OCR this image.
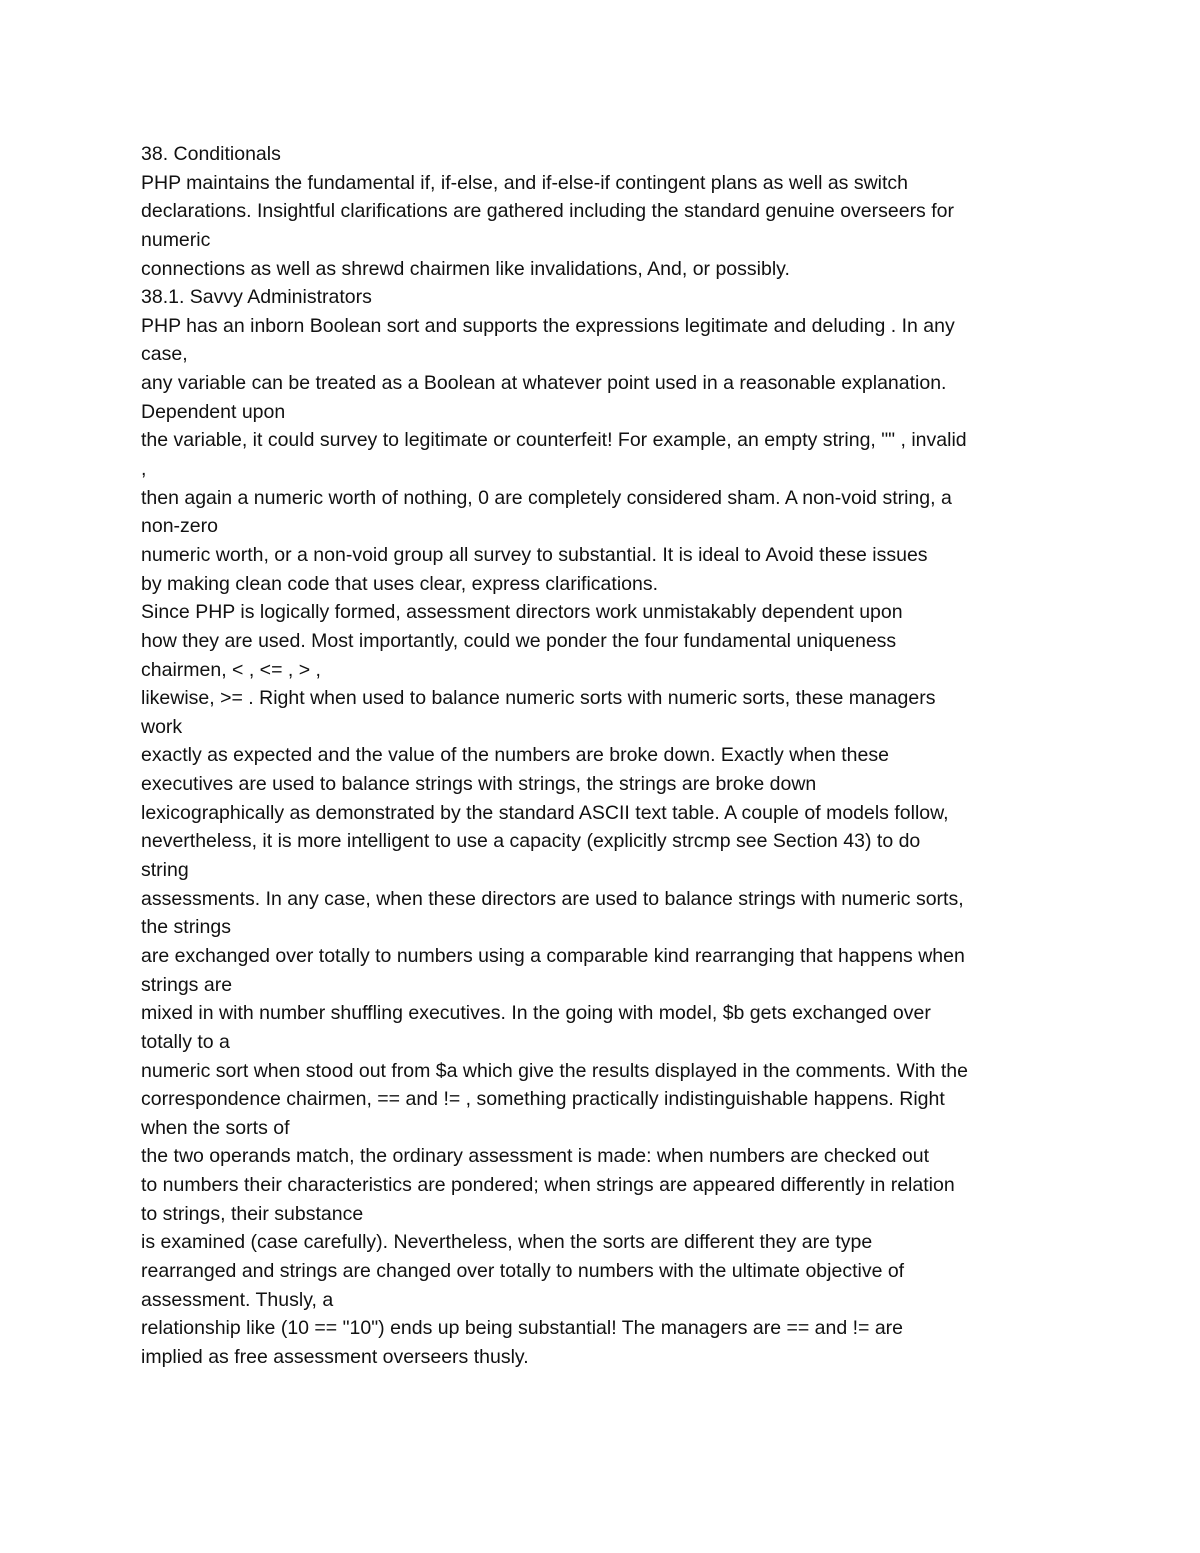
38. Conditionals
PHP maintains the fundamental if, if-else, and if-else-if contingent plans as well as switch
declarations. Insightful clarifications are gathered including the standard genuine overseers for
numeric
connections as well as shrewd chairmen like invalidations, And, or possibly.
38.1. Savvy Administrators
PHP has an inborn Boolean sort and supports the expressions legitimate and deluding . In any
case,
any variable can be treated as a Boolean at whatever point used in a reasonable explanation.
Dependent upon
the variable, it could survey to legitimate or counterfeit! For example, an empty string, "" , invalid
,
then again a numeric worth of nothing, 0 are completely considered sham. A non-void string, a
non-zero
numeric worth, or a non-void group all survey to substantial. It is ideal to Avoid these issues
by making clean code that uses clear, express clarifications.
Since PHP is logically formed, assessment directors work unmistakably dependent upon
how they are used. Most importantly, could we ponder the four fundamental uniqueness
chairmen, < , <= , > ,
likewise, >= . Right when used to balance numeric sorts with numeric sorts, these managers
work
exactly as expected and the value of the numbers are broke down. Exactly when these
executives are used to balance strings with strings, the strings are broke down
lexicographically as demonstrated by the standard ASCII text table. A couple of models follow,
nevertheless, it is more intelligent to use a capacity (explicitly strcmp see Section 43) to do
string
assessments. In any case, when these directors are used to balance strings with numeric sorts,
the strings
are exchanged over totally to numbers using a comparable kind rearranging that happens when
strings are
mixed in with number shuffling executives. In the going with model, $b gets exchanged over
totally to a
numeric sort when stood out from $a which give the results displayed in the comments. With the
correspondence chairmen, == and != , something practically indistinguishable happens. Right
when the sorts of
the two operands match, the ordinary assessment is made: when numbers are checked out
to numbers their characteristics are pondered; when strings are appeared differently in relation
to strings, their substance
is examined (case carefully). Nevertheless, when the sorts are different they are type
rearranged and strings are changed over totally to numbers with the ultimate objective of
assessment. Thusly, a
relationship like (10 == "10") ends up being substantial! The managers are == and != are
implied as free assessment overseers thusly.
